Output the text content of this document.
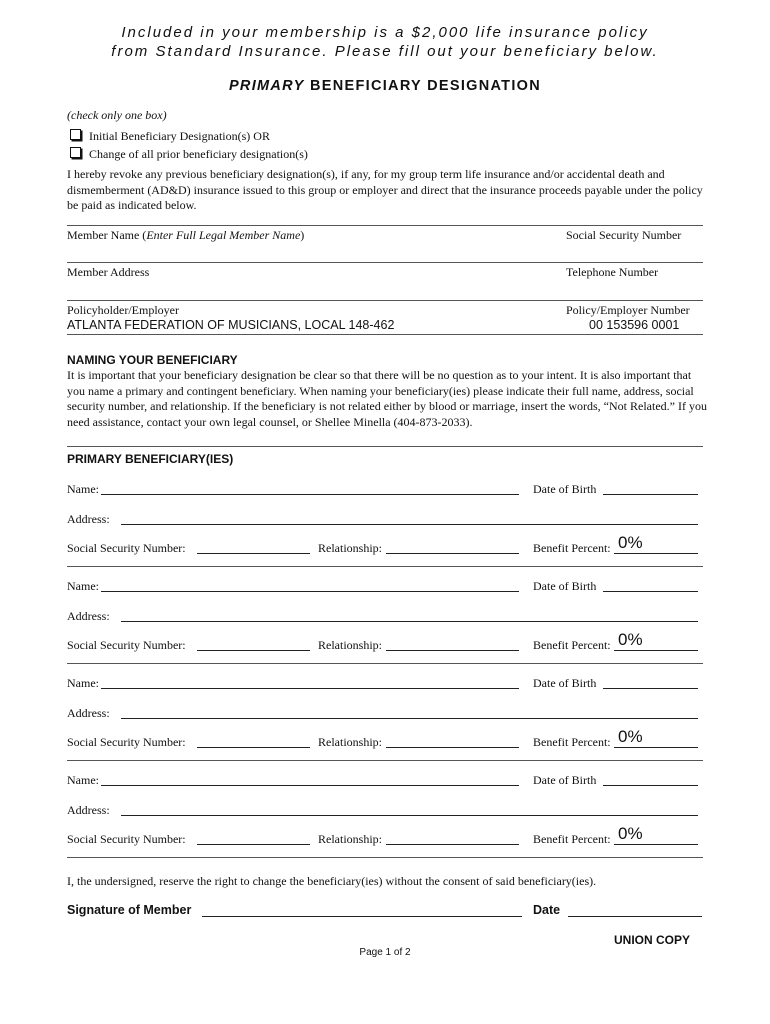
Included in your membership is a $2,000 life insurance policy
from Standard Insurance. Please fill out your beneficiary below.
PRIMARY BENEFICIARY DESIGNATION
(check only one box)
Initial Beneficiary Designation(s) OR
Change of all prior beneficiary designation(s)
I hereby revoke any previous beneficiary designation(s), if any, for my group term life insurance and/or accidental death and dismemberment (AD&D) insurance issued to this group or employer and direct that the insurance proceeds payable under the policy be paid as indicated below.
Member Name (Enter Full Legal Member Name)	Social Security Number
Member Address	Telephone Number
Policyholder/Employer	Policy/Employer Number
ATLANTA FEDERATION OF MUSICIANS, LOCAL 148-462	00 153596 0001
NAMING YOUR BENEFICIARY
It is important that your beneficiary designation be clear so that there will be no question as to your intent. It is also important that you name a primary and contingent beneficiary. When naming your beneficiary(ies) please indicate their full name, address, social security number, and relationship. If the beneficiary is not related either by blood or marriage, insert the words, “Not Related.” If you need assistance, contact your own legal counsel, or Shellee Minella (404-873-2033).
PRIMARY BENEFICIARY(IES)
Name:	Date of Birth
Address:
Social Security Number:	Relationship:	Benefit Percent: 0%
Name:	Date of Birth
Address:
Social Security Number:	Relationship:	Benefit Percent: 0%
Name:	Date of Birth
Address:
Social Security Number:	Relationship:	Benefit Percent: 0%
Name:	Date of Birth
Address:
Social Security Number:	Relationship:	Benefit Percent: 0%
I, the undersigned, reserve the right to change the beneficiary(ies) without the consent of said beneficiary(ies).
Signature of Member	Date
UNION COPY
Page 1 of 2
